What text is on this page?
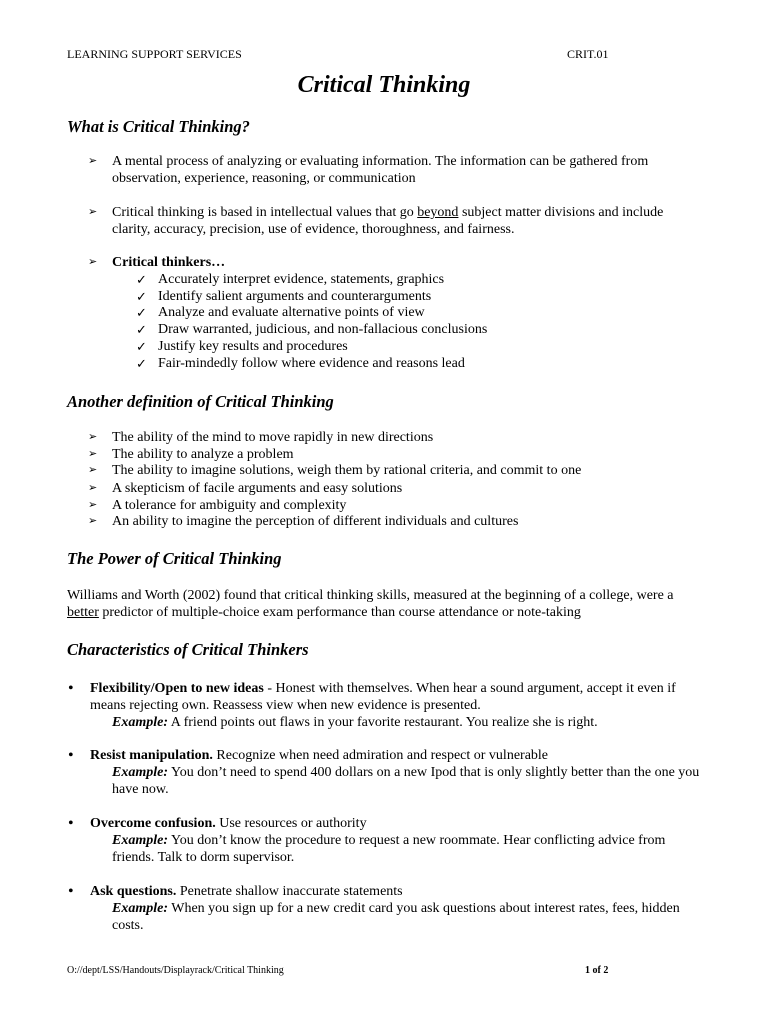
LEARNING SUPPORT SERVICES	CRIT.01
Critical Thinking
What is Critical Thinking?
➢ A mental process of analyzing or evaluating information. The information can be gathered from
observation, experience, reasoning, or communication
➢ Critical thinking is based in intellectual values that go beyond subject matter divisions and include
clarity, accuracy, precision, use of evidence, thoroughness, and fairness.
➢ Critical thinkers…
✓ Accurately interpret evidence, statements, graphics
✓ Identify salient arguments and counterarguments
✓ Analyze and evaluate alternative points of view
✓ Draw warranted, judicious, and non-fallacious conclusions
✓ Justify key results and procedures
✓ Fair-mindedly follow where evidence and reasons lead
Another definition of Critical Thinking
➢ The ability of the mind to move rapidly in new directions
➢ The ability to analyze a problem
➢ The ability to imagine solutions, weigh them by rational criteria, and commit to one
➢ A skepticism of facile arguments and easy solutions
➢ A tolerance for ambiguity and complexity
➢ An ability to imagine the perception of different individuals and cultures
The Power of Critical Thinking
Williams and Worth (2002) found that critical thinking skills, measured at the beginning of a college, were a
better predictor of multiple-choice exam performance than course attendance or note-taking
Characteristics of Critical Thinkers
• Flexibility/Open to new ideas - Honest with themselves. When hear a sound argument, accept it even if
means rejecting own. Reassess view when new evidence is presented.
Example: A friend points out flaws in your favorite restaurant. You realize she is right.
• Resist manipulation. Recognize when need admiration and respect or vulnerable
Example: You don’t need to spend 400 dollars on a new Ipod that is only slightly better than the one you
have now.
• Overcome confusion. Use resources or authority
Example: You don’t know the procedure to request a new roommate. Hear conflicting advice from
friends. Talk to dorm supervisor.
• Ask questions. Penetrate shallow inaccurate statements
Example: When you sign up for a new credit card you ask questions about interest rates, fees, hidden
costs.
O://dept/LSS/Handouts/Displayrack/Critical Thinking	1 of 2
